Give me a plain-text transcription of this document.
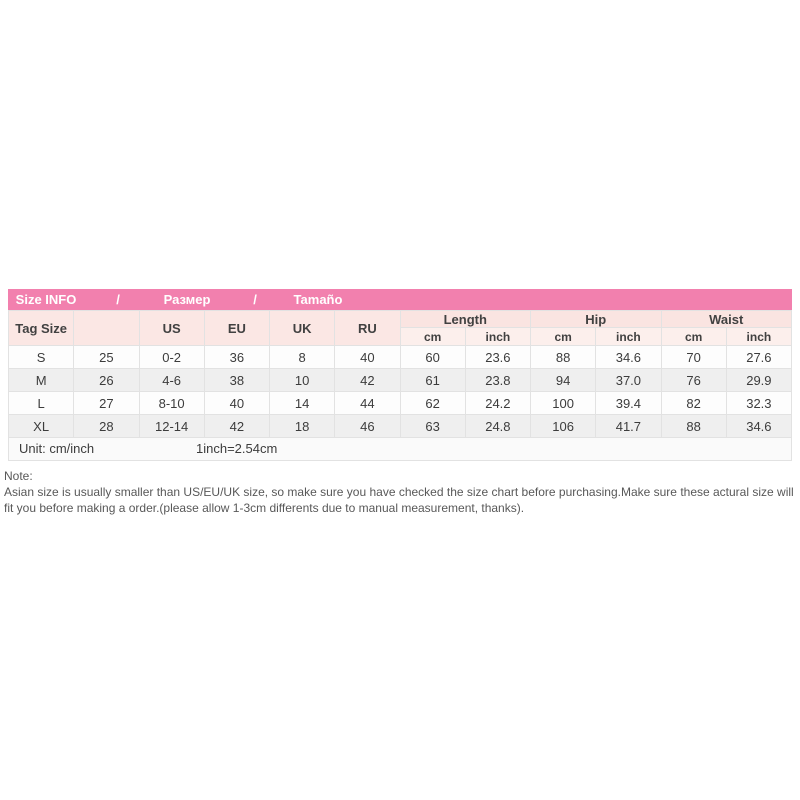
Size INFO	/	Размер	/	Tamaño
Tag Size		US	EU	UK	RU	Length		Hip		Waist	
						cm	inch	cm	inch	cm	inch
S	25	0-2	36	8	40	60	23.6	88	34.6	70	27.6
M	26	4-6	38	10	42	61	23.8	94	37.0	76	29.9
L	27	8-10	40	14	44	62	24.2	100	39.4	82	32.3
XL	28	12-14	42	18	46	63	24.8	106	41.7	88	34.6
Unit: cm/inch 1inch=2.54cm											
Note:
Asian size is usually smaller than US/EU/UK size, so make sure you have checked the size chart before purchasing.Make sure these actural size will fit you before making a order.(please allow 1-3cm differents due to manual measurement, thanks).
